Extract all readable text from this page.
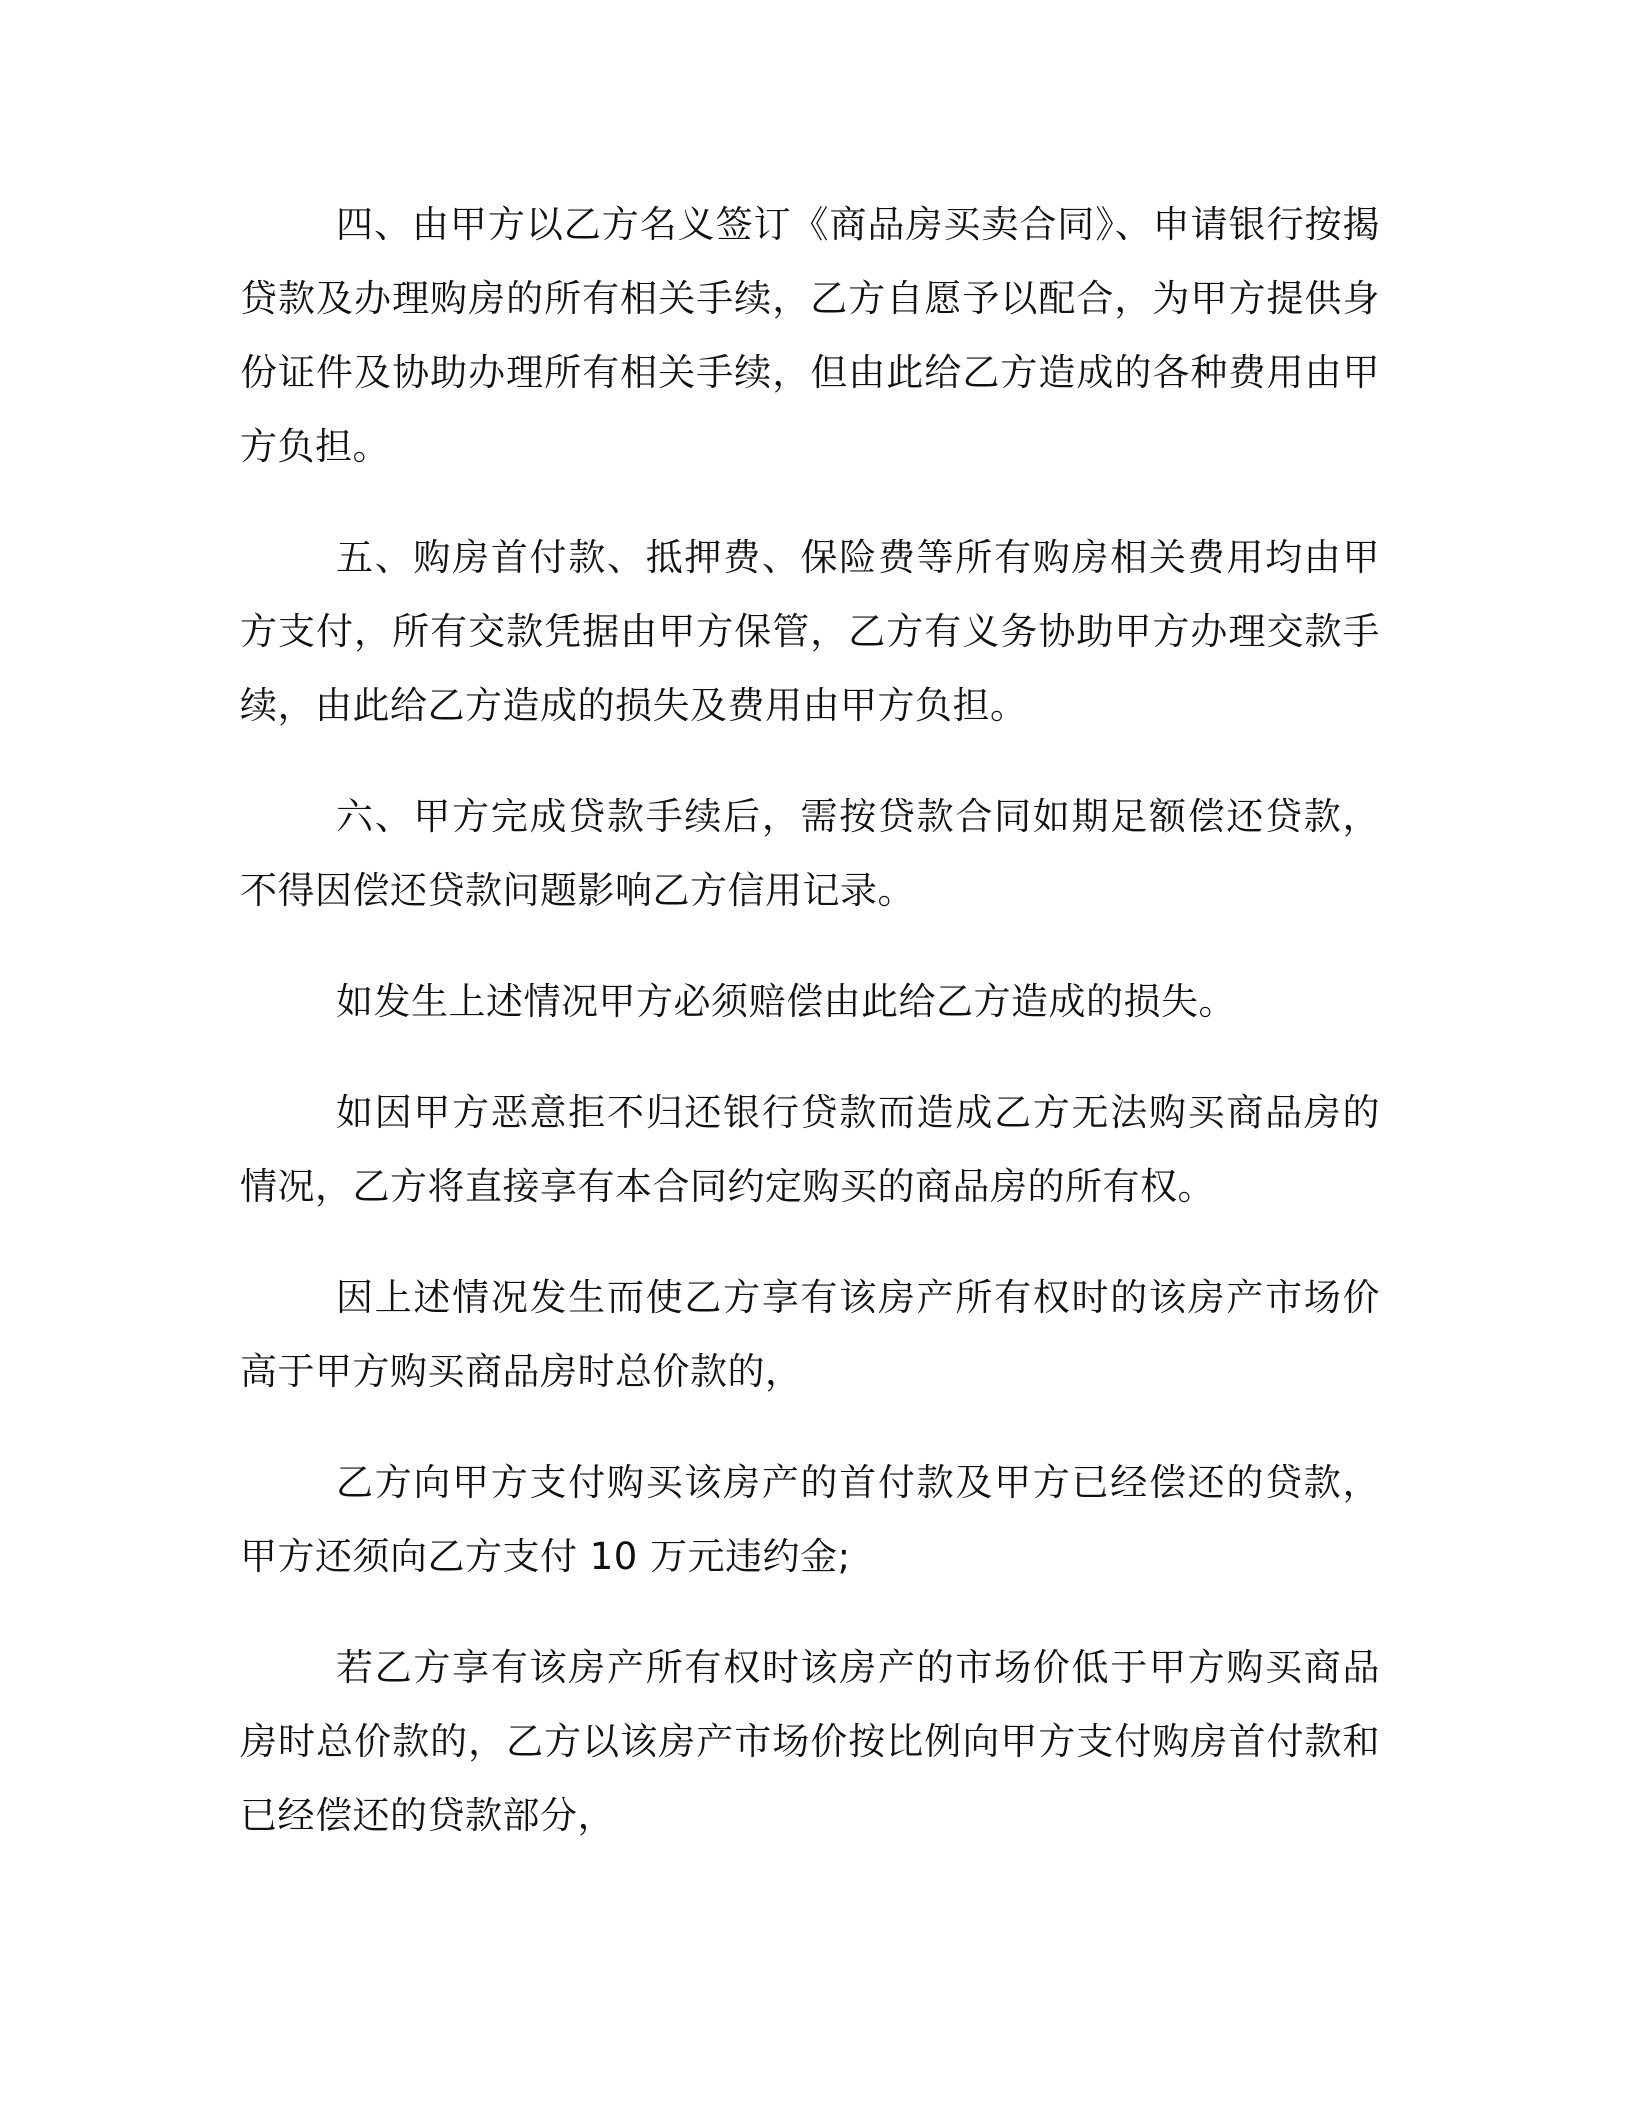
四、由甲方以乙方名义签订《商品房买卖合同》、申请银行按揭贷款及办理购房的所有相关手续，乙方自愿予以配合，为甲方提供身份证件及协助办理所有相关手续，但由此给乙方造成的各种费用由甲方负担。

五、购房首付款、抵押费、保险费等所有购房相关费用均由甲方支付，所有交款凭据由甲方保管，乙方有义务协助甲方办理交款手续，由此给乙方造成的损失及费用由甲方负担。

六、甲方完成贷款手续后，需按贷款合同如期足额偿还贷款，不得因偿还贷款问题影响乙方信用记录。

如发生上述情况甲方必须赔偿由此给乙方造成的损失。

如因甲方恶意拒不归还银行贷款而造成乙方无法购买商品房的情况，乙方将直接享有本合同约定购买的商品房的所有权。

因上述情况发生而使乙方享有该房产所有权时的该房产市场价高于甲方购买商品房时总价款的，

乙方向甲方支付购买该房产的首付款及甲方已经偿还的贷款，甲方还须向乙方支付 10 万元违约金;

若乙方享有该房产所有权时该房产的市场价低于甲方购买商品房时总价款的，乙方以该房产市场价按比例向甲方支付购房首付款和已经偿还的贷款部分，
